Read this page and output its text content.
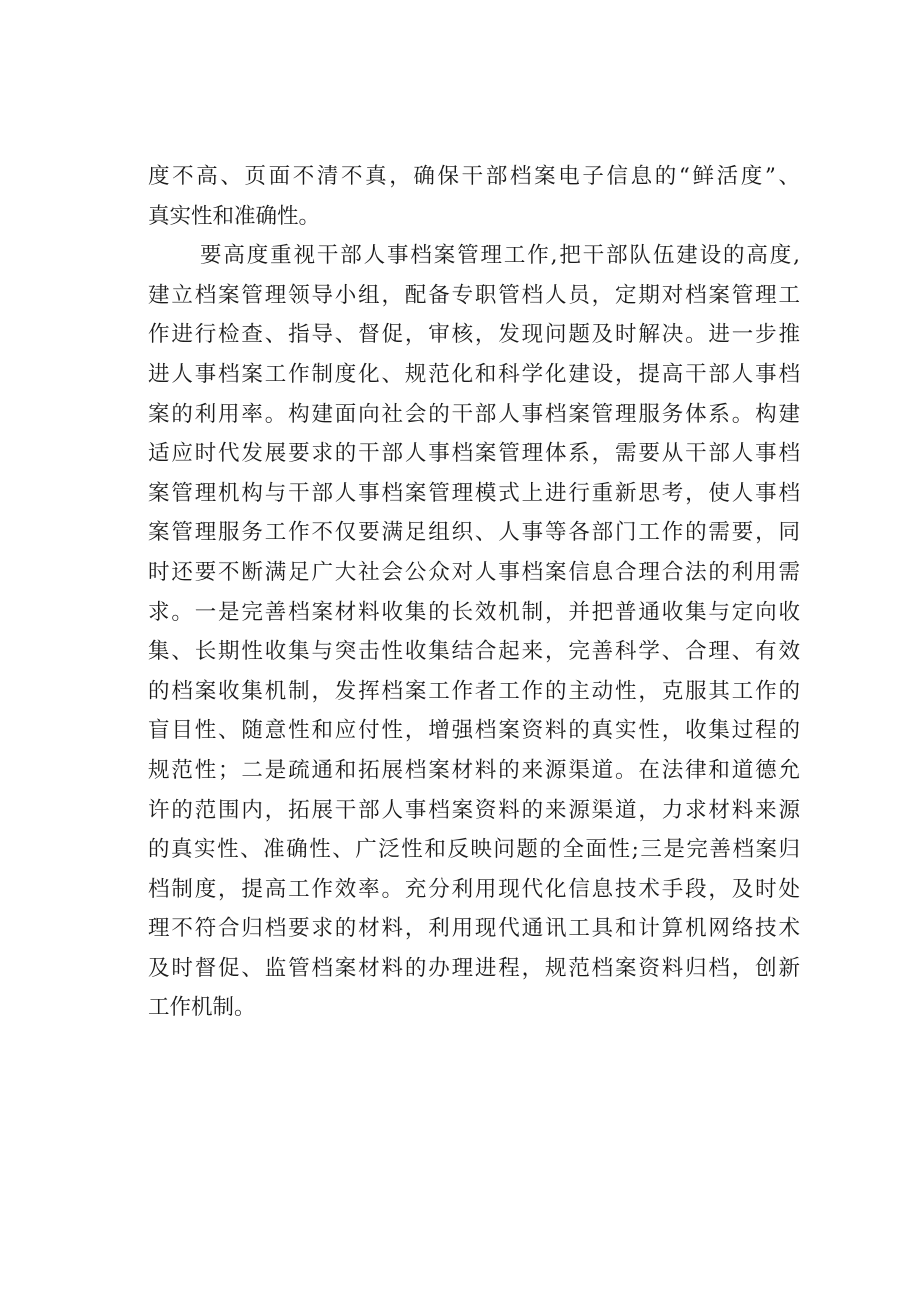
度不高、页面不清不真，确保干部档案电子信息的“鲜活度”、
真实性和准确性。
要高度重视干部人事档案管理工作,把干部队伍建设的高度,
建立档案管理领导小组，配备专职管档人员，定期对档案管理工
作进行检查、指导、督促，审核，发现问题及时解决。进一步推
进人事档案工作制度化、规范化和科学化建设，提高干部人事档
案的利用率。构建面向社会的干部人事档案管理服务体系。构建
适应时代发展要求的干部人事档案管理体系，需要从干部人事档
案管理机构与干部人事档案管理模式上进行重新思考，使人事档
案管理服务工作不仅要满足组织、人事等各部门工作的需要，同
时还要不断满足广大社会公众对人事档案信息合理合法的利用需
求。一是完善档案材料收集的长效机制，并把普通收集与定向收
集、长期性收集与突击性收集结合起来，完善科学、合理、有效
的档案收集机制，发挥档案工作者工作的主动性，克服其工作的
盲目性、随意性和应付性，增强档案资料的真实性，收集过程的
规范性；二是疏通和拓展档案材料的来源渠道。在法律和道德允
许的范围内，拓展干部人事档案资料的来源渠道，力求材料来源
的真实性、准确性、广泛性和反映问题的全面性;三是完善档案归
档制度，提高工作效率。充分利用现代化信息技术手段，及时处
理不符合归档要求的材料，利用现代通讯工具和计算机网络技术
及时督促、监管档案材料的办理进程，规范档案资料归档，创新
工作机制。
